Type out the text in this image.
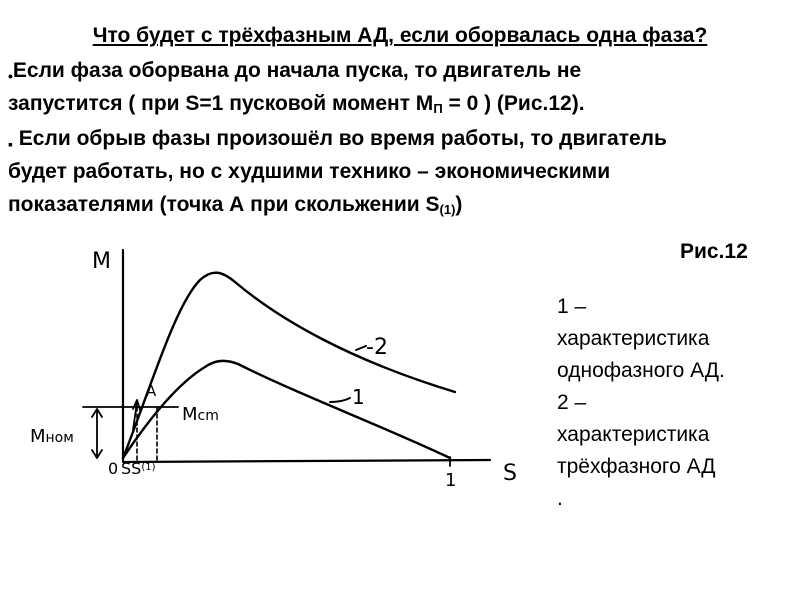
Что будет с трёхфазным АД, если оборвалась одна фаза?
•Если фаза оборвана до начала пуска, то двигатель не
запустится ( при S=1 пусковой момент МП = 0 ) (Рис.12).
▪ Если обрыв фазы произошёл во время работы, то двигатель
будет работать, но с худшими технико – экономическими
показателями (точка А при скольжении S(1))
Рис.12
1 –
характеристика
однофазного АД.
2 –
характеристика
трёхфазного АД
.
M
S
0 SS$^{(1)}$
1
A
Мном
Мcm
-2
1
